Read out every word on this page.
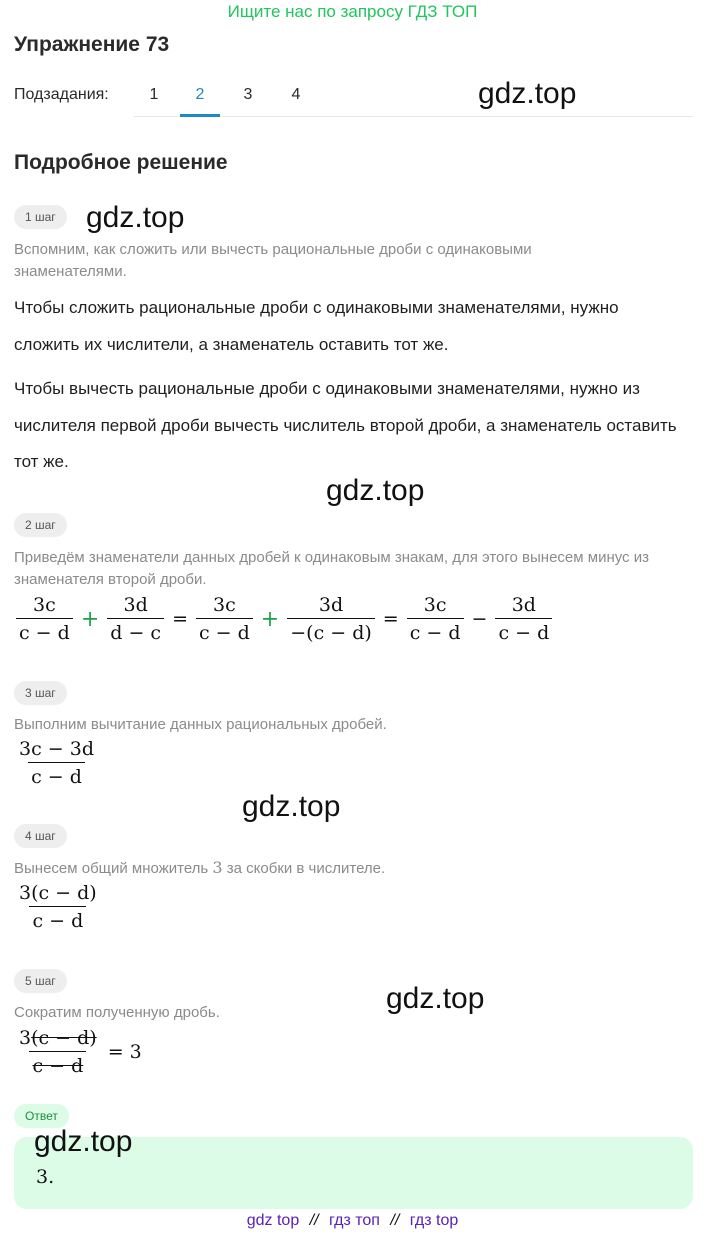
Ищите нас по запросу ГДЗ ТОП
Упражнение 73
Подзадания:	1	2	3	4	gdz.top
Подробное решение
1 шаг	gdz.top
Вспомним, как сложить или вычесть рациональные дроби с одинаковыми знаменателями.
Чтобы сложить рациональные дроби с одинаковыми знаменателями, нужно сложить их числители, а знаменатель оставить тот же.
Чтобы вычесть рациональные дроби с одинаковыми знаменателями, нужно из числителя первой дроби вычесть числитель второй дроби, а знаменатель оставить тот же.
gdz.top
2 шаг
Приведём знаменатели данных дробей к одинаковым знакам, для этого вынесем минус из знаменателя второй дроби.
$\frac{3c}{c - d} + \frac{3d}{d - c} = \frac{3c}{c - d} + \frac{3d}{-(c - d)} = \frac{3c}{c - d} - \frac{3d}{c - d}$
3 шаг
Выполним вычитание данных рациональных дробей.
$\frac{3c - 3d}{c - d}$
gdz.top
4 шаг
Вынесем общий множитель 3 за скобки в числителе.
$\frac{3(c - d)}{c - d}$
5 шаг
gdz.top
Сократим полученную дробь.
$\frac{3(c - d)}{c - d} = 3$
Ответ
gdz.top
3.
gdz top // гдз топ // гдз top
